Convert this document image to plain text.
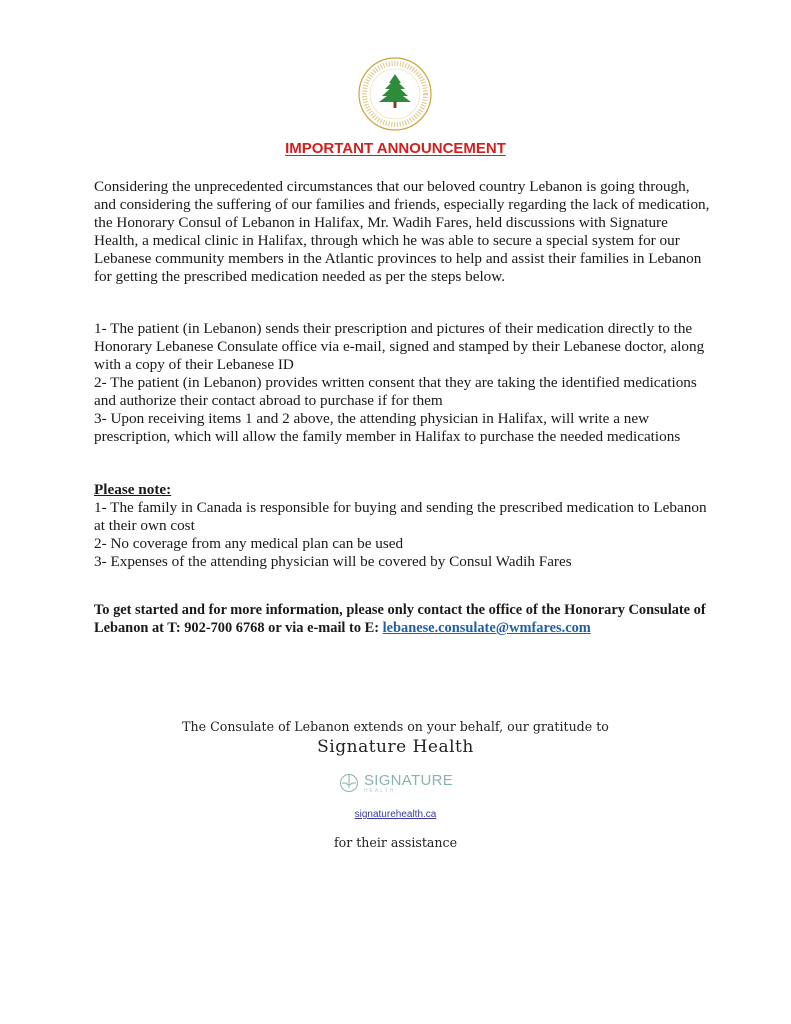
IMPORTANT ANNOUNCEMENT
Considering the unprecedented circumstances that our beloved country Lebanon is going through, and considering the suffering of our families and friends, especially regarding the lack of medication, the Honorary Consul of Lebanon in Halifax, Mr. Wadih Fares, held discussions with Signature Health, a medical clinic in Halifax, through which he was able to secure a special system for our Lebanese community members in the Atlantic provinces to help and assist their families in Lebanon for getting the prescribed medication needed as per the steps below.

1- The patient (in Lebanon) sends their prescription and pictures of their medication directly to the Honorary Lebanese Consulate office via e-mail, signed and stamped by their Lebanese doctor, along with a copy of their Lebanese ID

2- The patient (in Lebanon) provides written consent that they are taking the identified medications and authorize their contact abroad to purchase if for them

3- Upon receiving items 1 and 2 above, the attending physician in Halifax, will write a new prescription, which will allow the family member in Halifax to purchase the needed medications

Please note:

1- The family in Canada is responsible for buying and sending the prescribed medication to Lebanon at their own cost

2- No coverage from any medical plan can be used

3- Expenses of the attending physician will be covered by Consul Wadih Fares

To get started and for more information, please only contact the office of the Honorary Consulate of Lebanon at T: 902-700 6768 or via e-mail to E: lebanese.consulate@wmfares.com
The Consulate of Lebanon extends on your behalf, our gratitude to
Signature Health
SIGNATURE
HEALTH
signaturehealth.ca
for their assistance
